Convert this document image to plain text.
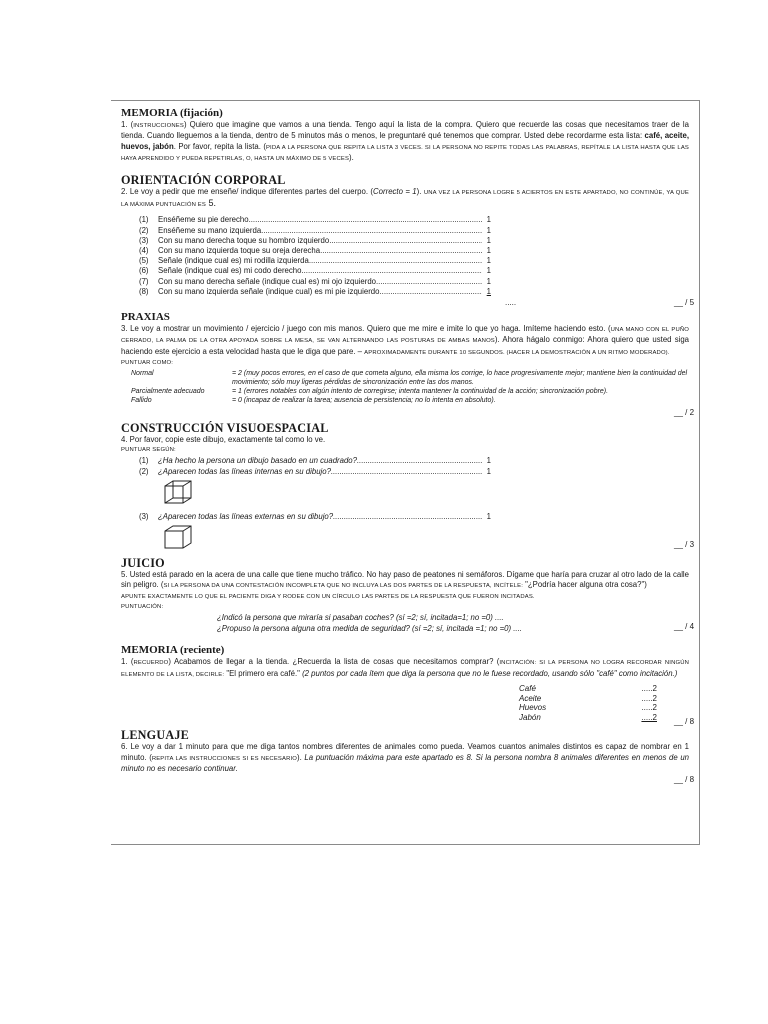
MEMORIA (fijación)

1. (INSTRUCCIONES) Quiero que imagine que vamos a una tienda. Tengo aquí la lista de la compra. Quiero que recuerde las cosas que necesitamos traer de la tienda. Cuando lleguemos a la tienda, dentro de 5 minutos más o menos, le preguntaré qué tenemos que comprar. Usted debe recordarme esta lista: café, aceite, huevos, jabón. Por favor, repita la lista. (PIDA A LA PERSONA QUE REPITA LA LISTA 3 VECES. SI LA PERSONA NO REPITE TODAS LAS PALABRAS, REPÍTALE LA LISTA HASTA QUE LAS HAYA APRENDIDO Y PUEDA REPETIRLAS, O, HASTA UN MÁXIMO DE 5 VECES).

ORIENTACIÓN CORPORAL

2. Le voy a pedir que me enseñe/ indique diferentes partes del cuerpo. (Correcto = 1). UNA VEZ LA PERSONA LOGRE 5 ACIERTOS EN ESTE APARTADO, NO CONTINÚE, YA QUE LA MÁXIMA PUNTUACIÓN ES 5.

(1)	Enséñeme su pie derecho .....	1
(2)	Enséñeme su mano izquierda .....	1
(3)	Con su mano derecha toque su hombro izquierdo .....	1
(4)	Con su mano izquierda toque su oreja derecha .....	1
(5)	Señale (indique cual es) mi rodilla izquierda. .....	1
(6)	Señale (indique cual es) mi codo derecho. .....	1
(7)	Con su mano derecha señale (indique cual es) mi ojo izquierdo. .....	1
(8)	Con su mano izquierda señale (indique cual) es mi pie izquierdo .....	1
.....	__ / 5
PRAXIAS

3. Le voy a mostrar un movimiento / ejercicio / juego con mis manos. Quiero que me mire e imite lo que yo haga. Imíteme haciendo esto. (UNA MANO CON EL PUÑO CERRADO, LA PALMA DE LA OTRA APOYADA SOBRE LA MESA, SE VAN ALTERNANDO LAS POSTURAS DE AMBAS MANOS). Ahora hágalo conmigo: Ahora quiero que usted siga haciendo este ejercicio a esta velocidad hasta que le diga que pare. – APROXIMADAMENTE DURANTE 10 SEGUNDOS. (HACER LA DEMOSTRACIÓN A UN RITMO MODERADO).

PUNTUAR COMO:
Normal	= 2 (muy pocos errores, en el caso de que cometa alguno, ella misma los corrige, lo hace progresivamente mejor; mantiene bien la continuidad del movimiento; sólo muy ligeras pérdidas de sincronización entre las dos manos.
Parcialmente adecuado	= 1 (errores notables con algún intento de corregirse; intenta mantener la continuidad de la acción; sincronización pobre).
Fallido	= 0 (incapaz de realizar la tarea; ausencia de persistencia; no lo intenta en absoluto).
__ / 2
CONSTRUCCIÓN VISUOESPACIAL

4. Por favor, copie este dibujo, exactamente tal como lo ve.

PUNTUAR SEGÚN:
(1)	¿Ha hecho la persona un dibujo basado en un cuadrado? .....	1
(2)	¿Aparecen todas las líneas internas en su dibujo? .....	1
(3)	¿Aparecen todas las líneas externas en su dibujo? .....	1
__ / 3
JUICIO

5. Usted está parado en la acera de una calle que tiene mucho tráfico. No hay paso de peatones ni semáforos. Dígame que haría para cruzar al otro lado de la calle sin peligro. (SI LA PERSONA DA UNA CONTESTACIÓN INCOMPLETA QUE NO INCLUYA LAS DOS PARTES DE LA RESPUESTA, INCÍTELE: "¿Podría hacer alguna otra cosa?")

APUNTE EXACTAMENTE LO QUE EL PACIENTE DIGA Y RODEE CON UN CÍRCULO LAS PARTES DE LA RESPUESTA QUE FUERON INCITADAS.
PUNTUACIÓN:
¿Indicó la persona que miraría si pasaban coches? (sí =2; sí, incitada=1; no =0) ....
¿Propuso la persona alguna otra medida de seguridad? (sí =2; sí, incitada =1; no =0) ....	__ / 4
MEMORIA (reciente)

1. (RECUERDO) Acabamos de llegar a la tienda. ¿Recuerda la lista de cosas que necesitamos comprar? (INCITACIÓN: SI LA PERSONA NO LOGRA RECORDAR NINGÚN ELEMENTO DE LA LISTA, DECIRLE: "El primero era café." (2 puntos por cada ítem que diga la persona que no le fuese recordado, usando sólo "café" como incitación.)

Café	.....2
Aceite	.....2
Huevos	.....2
Jabón	.....2 __ / 8
LENGUAJE

6. Le voy a dar 1 minuto para que me diga tantos nombres diferentes de animales como pueda. Veamos cuantos animales distintos es capaz de nombrar en 1 minuto. (REPITA LAS INSTRUCCIONES SI ES NECESARIO). La puntuación máxima para este apartado es 8. Si la persona nombra 8 animales diferentes en menos de un minuto no es necesario continuar.

__ / 8
